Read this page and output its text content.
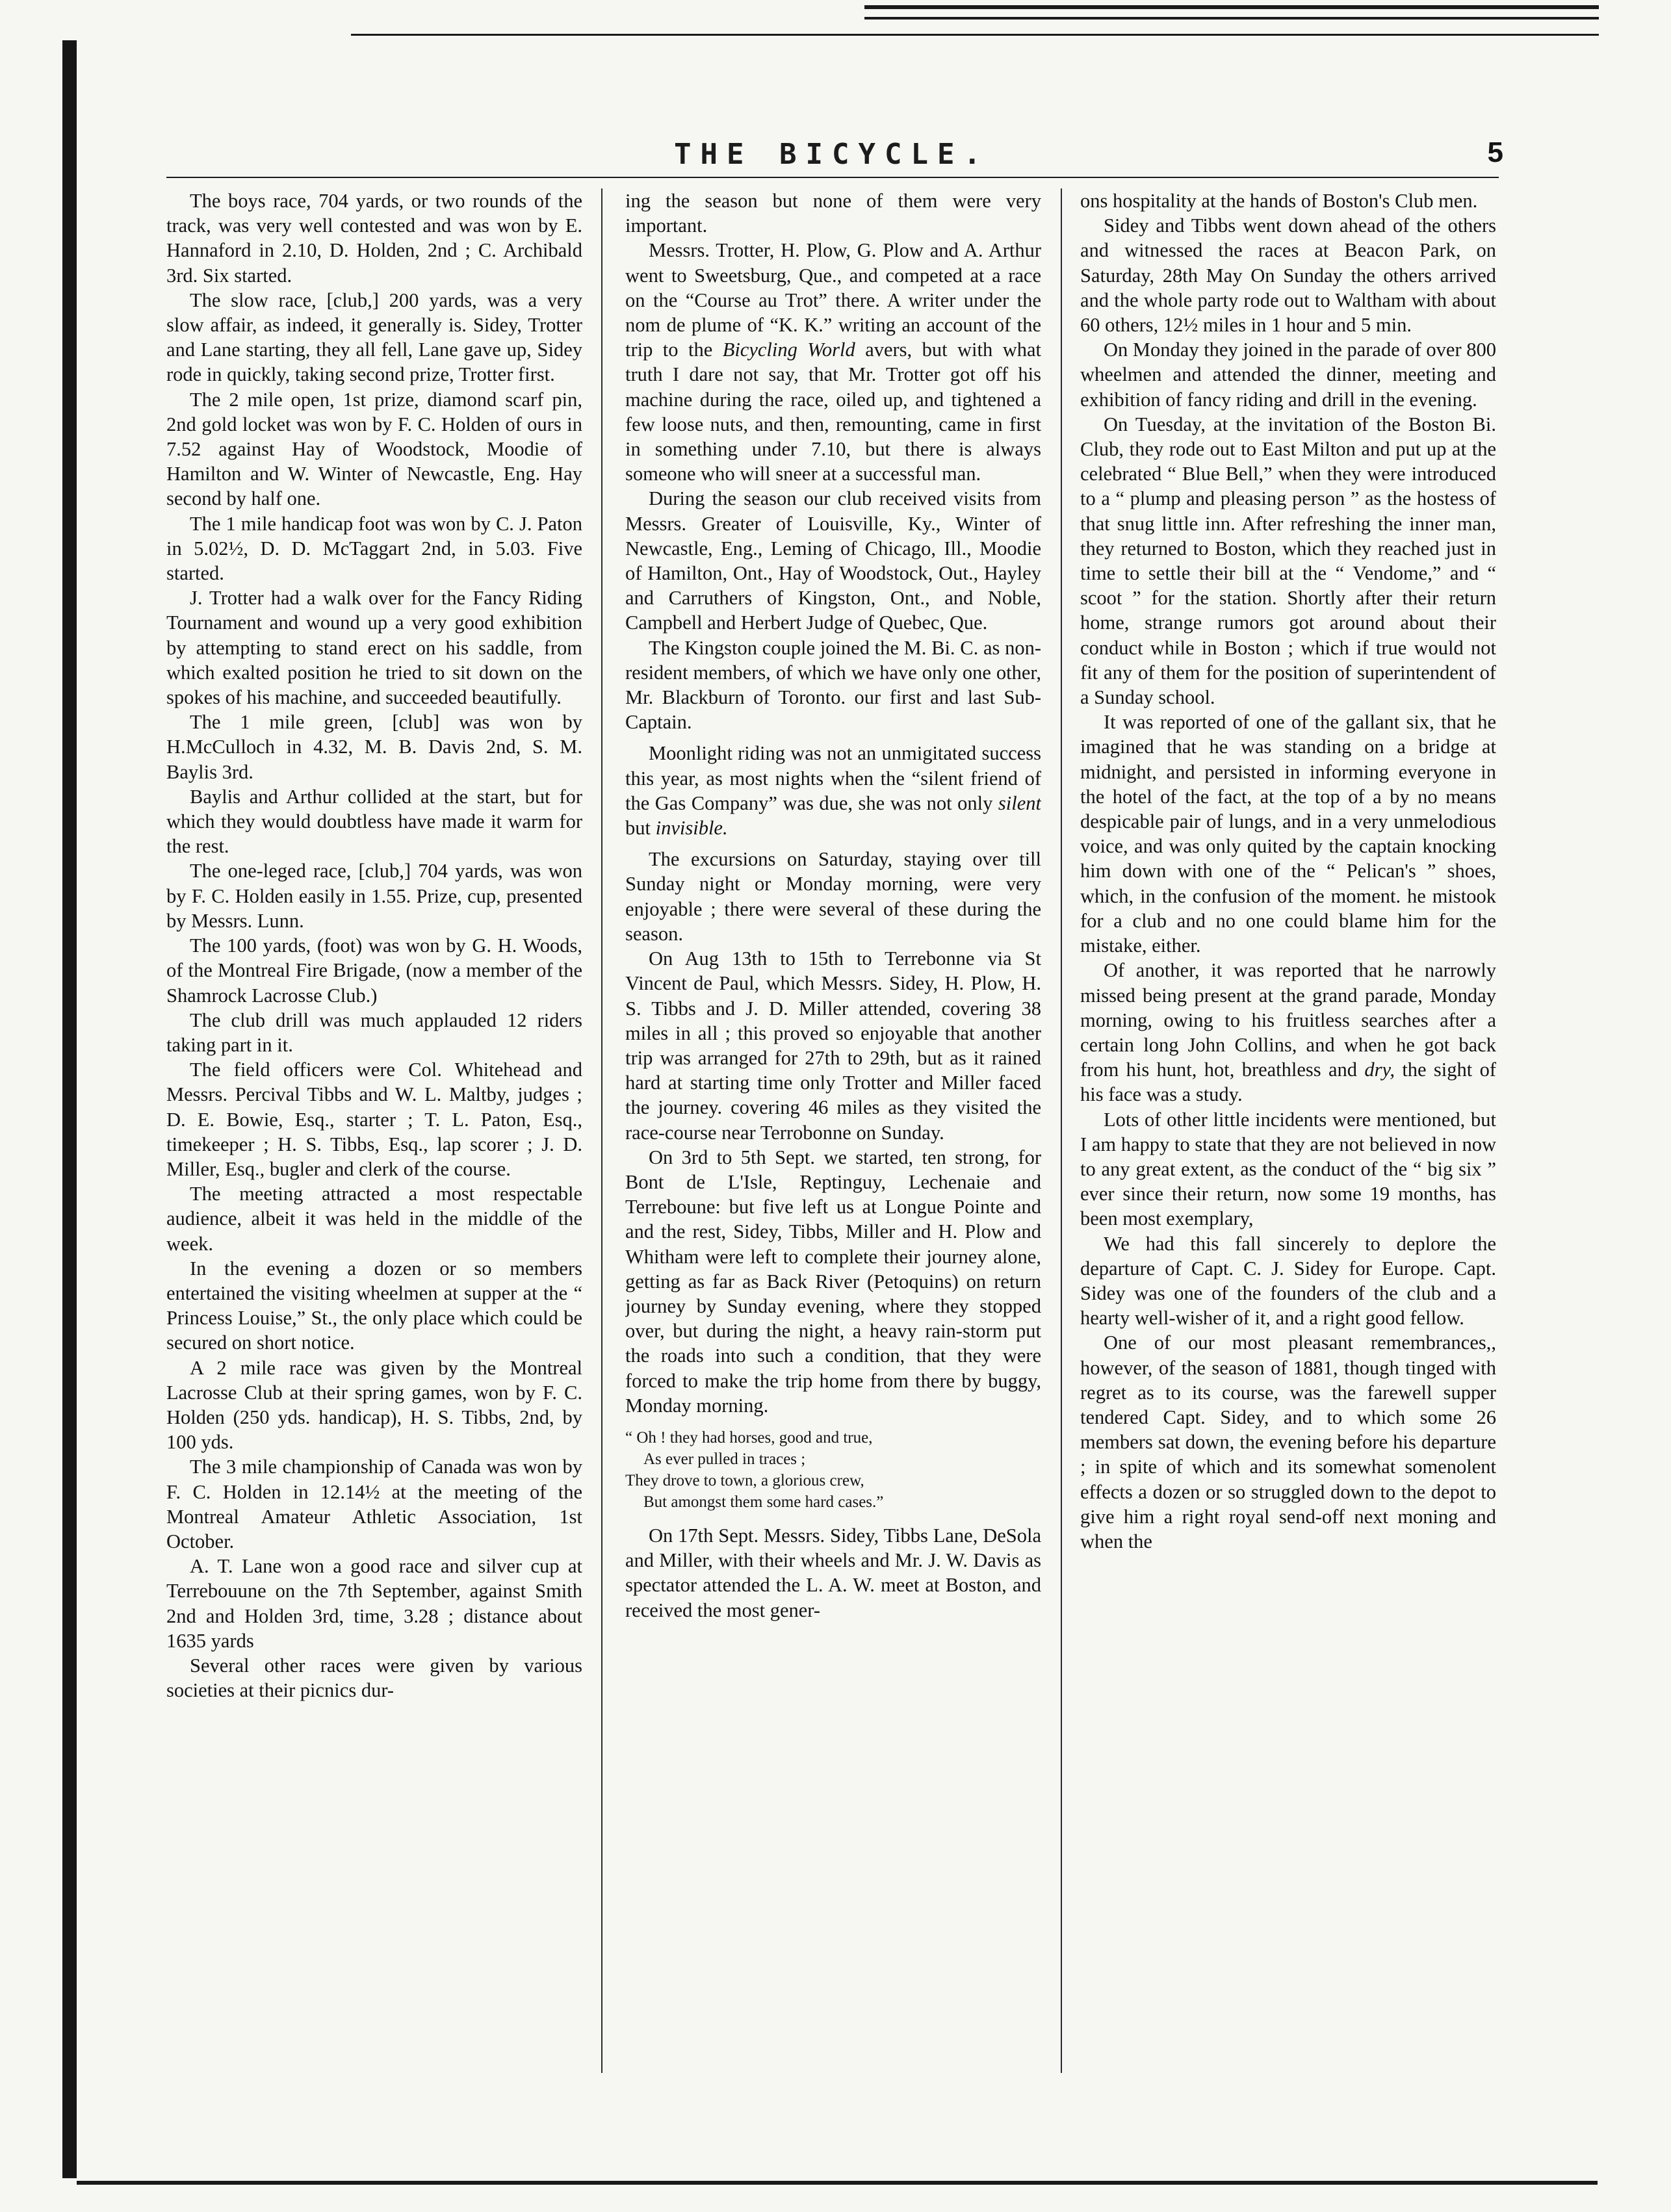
THE BICYCLE.	5

The boys race, 704 yards, or two rounds of the track, was very well contested and was won by E. Hannaford in 2.10, D. Holden, 2nd ; C. Archibald 3rd. Six started.

The slow race, [club,] 200 yards, was a very slow affair, as indeed, it generally is. Sidey, Trotter and Lane starting, they all fell, Lane gave up, Sidey rode in quickly, taking second prize, Trotter first.

The 2 mile open, 1st prize, diamond scarf pin, 2nd gold locket was won by F. C. Holden of ours in 7.52 against Hay of Woodstock, Moodie of Hamilton and W. Winter of Newcastle, Eng. Hay second by half one.

The 1 mile handicap foot was won by C. J. Paton in 5.02½, D. D. McTaggart 2nd, in 5.03. Five started.

J. Trotter had a walk over for the Fancy Riding Tournament and wound up a very good exhibition by attempting to stand erect on his saddle, from which exalted position he tried to sit down on the spokes of his machine, and succeeded beautifully.

The 1 mile green, [club] was won by H.McCulloch in 4.32, M. B. Davis 2nd, S. M. Baylis 3rd.

Baylis and Arthur collided at the start, but for which they would doubtless have made it warm for the rest.

The one-leged race, [club,] 704 yards, was won by F. C. Holden easily in 1.55. Prize, cup, presented by Messrs. Lunn.

The 100 yards, (foot) was won by G. H. Woods, of the Montreal Fire Brigade, (now a member of the Shamrock Lacrosse Club.)

The club drill was much applauded 12 riders taking part in it.

The field officers were Col. Whitehead and Messrs. Percival Tibbs and W. L. Maltby, judges ; D. E. Bowie, Esq., starter ; T. L. Paton, Esq., timekeeper ; H. S. Tibbs, Esq., lap scorer ; J. D. Miller, Esq., bugler and clerk of the course.

The meeting attracted a most respectable audience, albeit it was held in the middle of the week.

In the evening a dozen or so members entertained the visiting wheelmen at supper at the “ Princess Louise,” St., the only place which could be secured on short notice.

A 2 mile race was given by the Montreal Lacrosse Club at their spring games, won by F. C. Holden (250 yds. handicap), H. S. Tibbs, 2nd, by 100 yds.

The 3 mile championship of Canada was won by F. C. Holden in 12.14½ at the meeting of the Montreal Amateur Athletic Association, 1st October.

A. T. Lane won a good race and silver cup at Terrebouune on the 7th September, against Smith 2nd and Holden 3rd, time, 3.28 ; distance about 1635 yards

Several other races were given by various societies at their picnics dur-

ing the season but none of them were very important.

Messrs. Trotter, H. Plow, G. Plow and A. Arthur went to Sweetsburg, Que., and competed at a race on the “Course au Trot” there. A writer under the nom de plume of “K. K.” writing an account of the trip to the Bicycling World avers, but with what truth I dare not say, that Mr. Trotter got off his machine during the race, oiled up, and tightened a few loose nuts, and then, remounting, came in first in something under 7.10, but there is always someone who will sneer at a successful man.

During the season our club received visits from Messrs. Greater of Louisville, Ky., Winter of Newcastle, Eng., Leming of Chicago, Ill., Moodie of Hamilton, Ont., Hay of Woodstock, Out., Hayley and Carruthers of Kingston, Ont., and Noble, Campbell and Herbert Judge of Quebec, Que.

The Kingston couple joined the M. Bi. C. as non-resident members, of which we have only one other, Mr. Blackburn of Toronto. our first and last Sub-Captain.

Moonlight riding was not an unmigitated success this year, as most nights when the “silent friend of the Gas Company” was due, she was not only silent but invisible.

The excursions on Saturday, staying over till Sunday night or Monday morning, were very enjoyable ; there were several of these during the season.

On Aug 13th to 15th to Terrebonne via St Vincent de Paul, which Messrs. Sidey, H. Plow, H. S. Tibbs and J. D. Miller attended, covering 38 miles in all ; this proved so enjoyable that another trip was arranged for 27th to 29th, but as it rained hard at starting time only Trotter and Miller faced the journey. covering 46 miles as they visited the race-course near Terrobonne on Sunday.

On 3rd to 5th Sept. we started, ten strong, for Bont de L'Isle, Reptinguy, Lechenaie and Terreboune: but five left us at Longue Pointe and and the rest, Sidey, Tibbs, Miller and H. Plow and Whitham were left to complete their journey alone, getting as far as Back River (Petoquins) on return journey by Sunday evening, where they stopped over, but during the night, a heavy rain-storm put the roads into such a condition, that they were forced to make the trip home from there by buggy, Monday morning.

“ Oh ! they had horses, good and true,
As ever pulled in traces ;
They drove to town, a glorious crew,
But amongst them some hard cases.”

On 17th Sept. Messrs. Sidey, Tibbs Lane, DeSola and Miller, with their wheels and Mr. J. W. Davis as spectator attended the L. A. W. meet at Boston, and received the most gener-

ons hospitality at the hands of Boston's Club men.

Sidey and Tibbs went down ahead of the others and witnessed the races at Beacon Park, on Saturday, 28th May On Sunday the others arrived and the whole party rode out to Waltham with about 60 others, 12½ miles in 1 hour and 5 min.

On Monday they joined in the parade of over 800 wheelmen and attended the dinner, meeting and exhibition of fancy riding and drill in the evening.

On Tuesday, at the invitation of the Boston Bi. Club, they rode out to East Milton and put up at the celebrated “ Blue Bell,” when they were introduced to a “ plump and pleasing person ” as the hostess of that snug little inn. After refreshing the inner man, they returned to Boston, which they reached just in time to settle their bill at the “ Vendome,” and “ scoot ” for the station. Shortly after their return home, strange rumors got around about their conduct while in Boston ; which if true would not fit any of them for the position of superintendent of a Sunday school.

It was reported of one of the gallant six, that he imagined that he was standing on a bridge at midnight, and persisted in informing everyone in the hotel of the fact, at the top of a by no means despicable pair of lungs, and in a very unmelodious voice, and was only quited by the captain knocking him down with one of the “ Pelican's ” shoes, which, in the confusion of the moment. he mistook for a club and no one could blame him for the mistake, either.

Of another, it was reported that he narrowly missed being present at the grand parade, Monday morning, owing to his fruitless searches after a certain long John Collins, and when he got back from his hunt, hot, breathless and dry, the sight of his face was a study.

Lots of other little incidents were mentioned, but I am happy to state that they are not believed in now to any great extent, as the conduct of the “ big six ” ever since their return, now some 19 months, has been most exemplary,

We had this fall sincerely to deplore the departure of Capt. C. J. Sidey for Europe. Capt. Sidey was one of the founders of the club and a hearty well-wisher of it, and a right good fellow.

One of our most pleasant remembrances,, however, of the season of 1881, though tinged with regret as to its course, was the farewell supper tendered Capt. Sidey, and to which some 26 members sat down, the evening before his departure ; in spite of which and its somewhat somenolent effects a dozen or so struggled down to the depot to give him a right royal send-off next moning and when the
